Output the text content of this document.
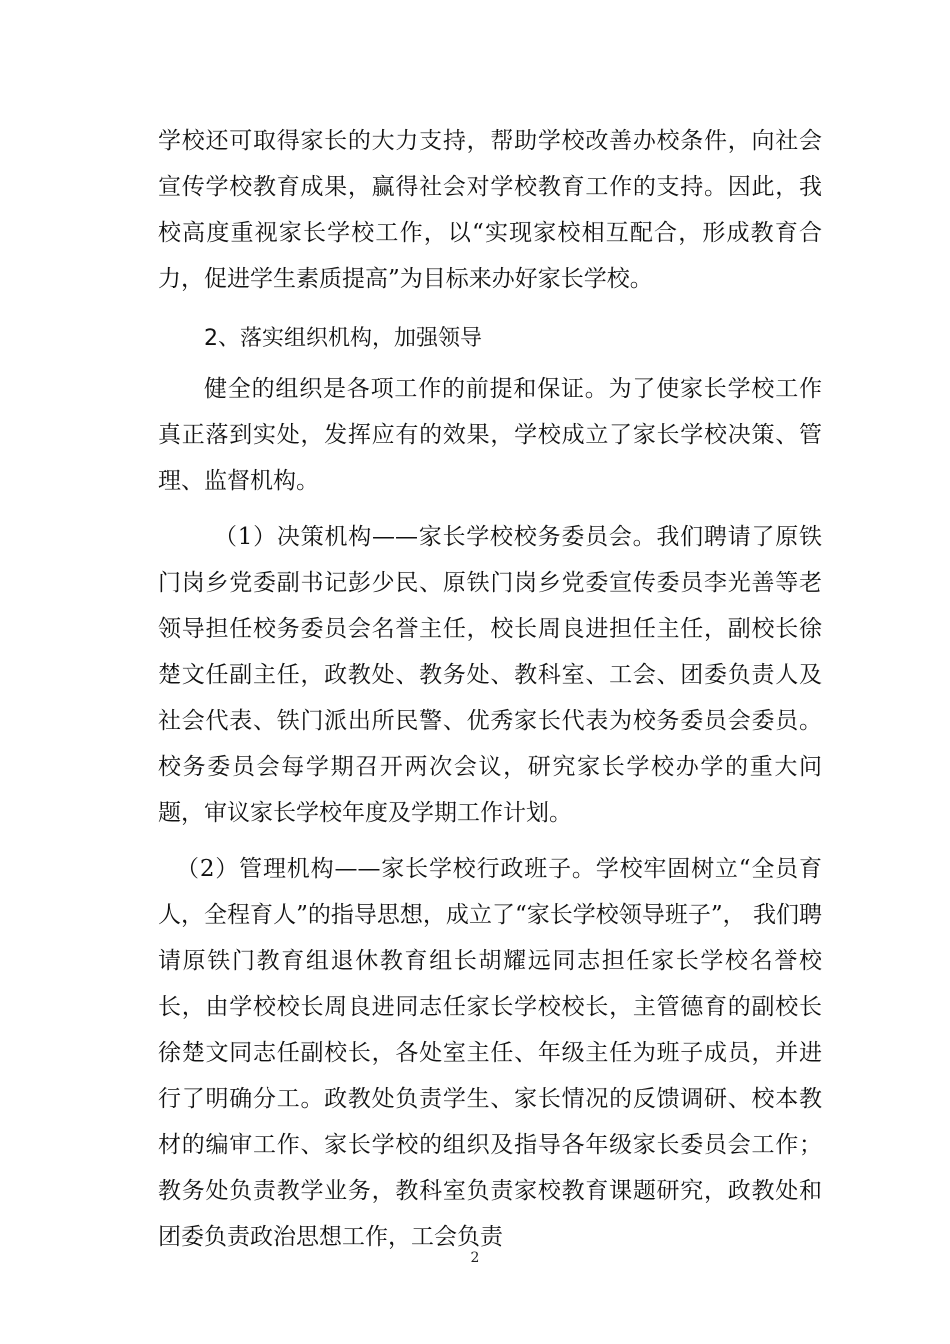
学校还可取得家长的大力支持，帮助学校改善办校条件，向社会宣传学校教育成果，赢得社会对学校教育工作的支持。因此，我校高度重视家长学校工作，以“实现家校相互配合，形成教育合力，促进学生素质提高”为目标来办好家长学校。

2、落实组织机构，加强领导

健全的组织是各项工作的前提和保证。为了使家长学校工作真正落到实处，发挥应有的效果，学校成立了家长学校决策、管理、监督机构。

（1）决策机构——家长学校校务委员会。我们聘请了原铁门岗乡党委副书记彭少民、原铁门岗乡党委宣传委员李光善等老领导担任校务委员会名誉主任，校长周良进担任主任，副校长徐楚文任副主任，政教处、教务处、教科室、工会、团委负责人及社会代表、铁门派出所民警、优秀家长代表为校务委员会委员。校务委员会每学期召开两次会议，研究家长学校办学的重大问题，审议家长学校年度及学期工作计划。

（2）管理机构——家长学校行政班子。学校牢固树立“全员育人，全程育人”的指导思想，成立了“家长学校领导班子”， 我们聘请原铁门教育组退休教育组长胡耀远同志担任家长学校名誉校长，由学校校长周良进同志任家长学校校长，主管德育的副校长徐楚文同志任副校长，各处室主任、年级主任为班子成员，并进行了明确分工。政教处负责学生、家长情况的反馈调研、校本教材的编审工作、家长学校的组织及指导各年级家长委员会工作；教务处负责教学业务，教科室负责家校教育课题研究，政教处和团委负责政治思想工作，工会负责

2
